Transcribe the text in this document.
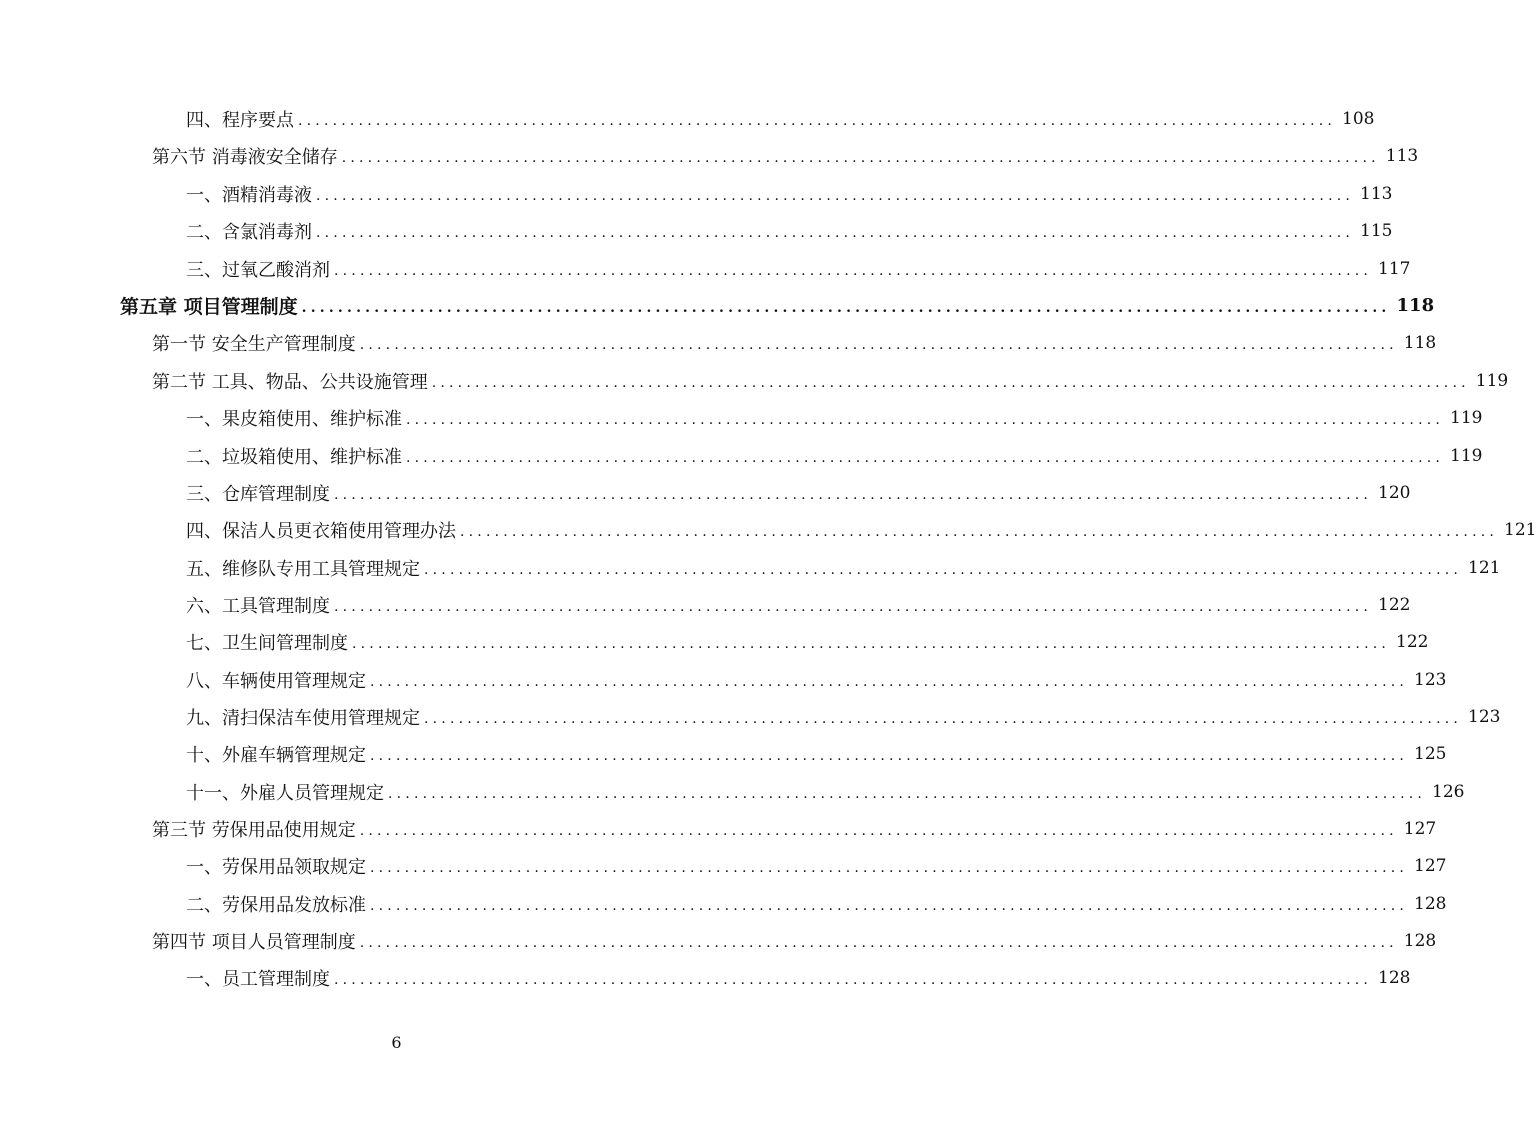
四、程序要点 ........................................................................................................................ 108
第六节 消毒液安全储存 ........................................................................................................................ 113
一、酒精消毒液 ........................................................................................................................ 113
二、含氯消毒剂 ........................................................................................................................ 115
三、过氧乙酸消剂 ........................................................................................................................ 117
第五章 项目管理制度 ........................................................................................................................ 118
第一节 安全生产管理制度 ........................................................................................................................ 118
第二节 工具、物品、公共设施管理 ........................................................................................................................ 119
一、果皮箱使用、维护标准 ........................................................................................................................ 119
二、垃圾箱使用、维护标准 ........................................................................................................................ 119
三、仓库管理制度 ........................................................................................................................ 120
四、保洁人员更衣箱使用管理办法 ........................................................................................................................ 121
五、维修队专用工具管理规定 ........................................................................................................................ 121
六、工具管理制度 ........................................................................................................................ 122
七、卫生间管理制度 ........................................................................................................................ 122
八、车辆使用管理规定 ........................................................................................................................ 123
九、清扫保洁车使用管理规定 ........................................................................................................................ 123
十、外雇车辆管理规定 ........................................................................................................................ 125
十一、外雇人员管理规定 ........................................................................................................................ 126
第三节 劳保用品使用规定 ........................................................................................................................ 127
一、劳保用品领取规定 ........................................................................................................................ 127
二、劳保用品发放标准 ........................................................................................................................ 128
第四节 项目人员管理制度 ........................................................................................................................ 128
一、员工管理制度 ........................................................................................................................ 128
6
